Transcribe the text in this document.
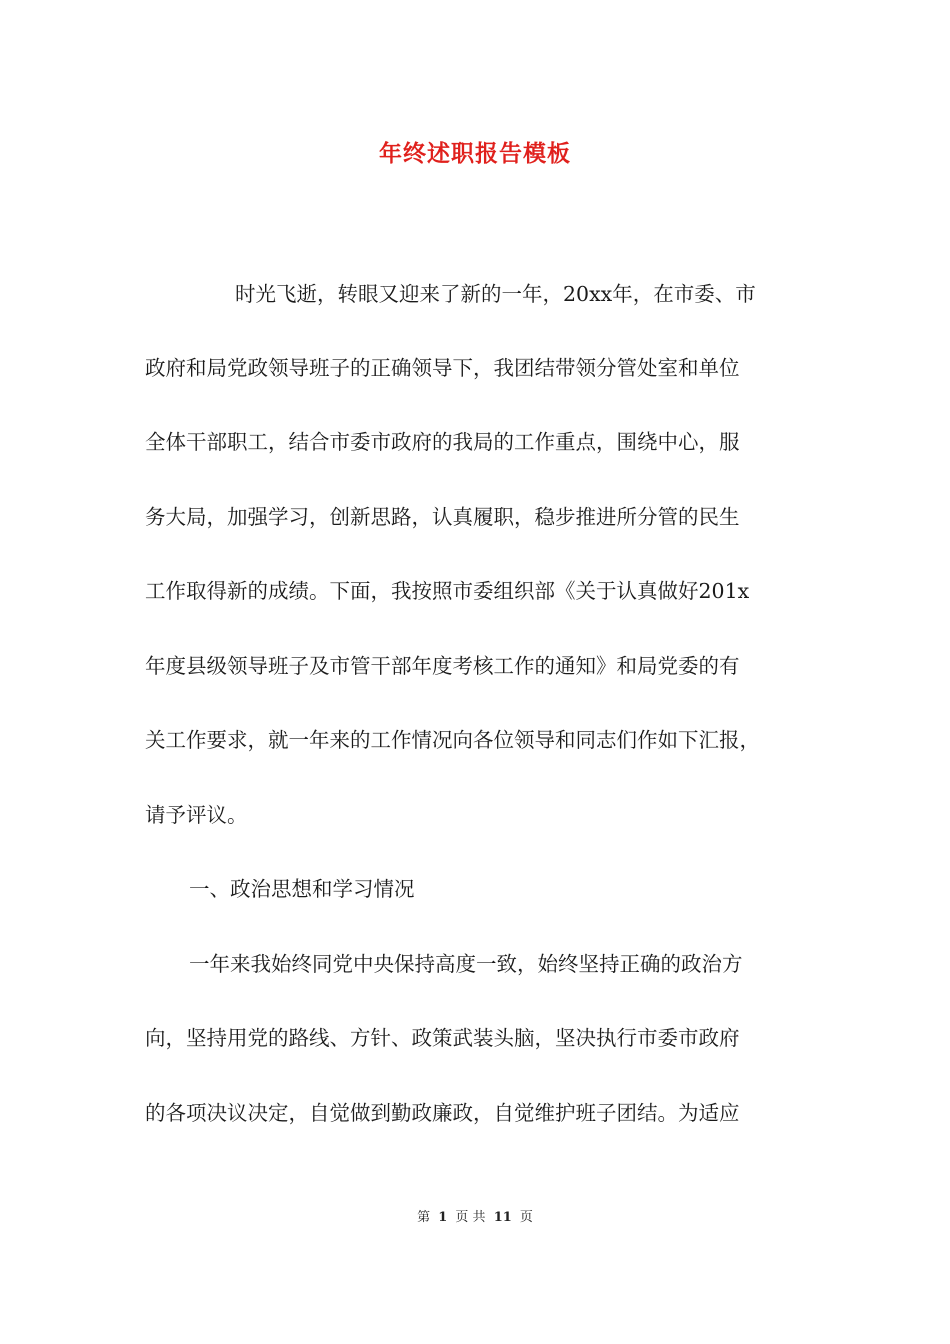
年终述职报告模板
时光飞逝，转眼又迎来了新的一年，20xx年，在市委、市
政府和局党政领导班子的正确领导下，我团结带领分管处室和单位
全体干部职工，结合市委市政府的我局的工作重点，围绕中心，服
务大局，加强学习，创新思路，认真履职，稳步推进所分管的民生
工作取得新的成绩。下面，我按照市委组织部《关于认真做好201x
年度县级领导班子及市管干部年度考核工作的通知》和局党委的有
关工作要求，就一年来的工作情况向各位领导和同志们作如下汇报，
请予评议。
一、政治思想和学习情况
一年来我始终同党中央保持高度一致，始终坚持正确的政治方
向，坚持用党的路线、方针、政策武装头脑，坚决执行市委市政府
的各项决议决定，自觉做到勤政廉政，自觉维护班子团结。为适应
第 1 页 共 11 页
